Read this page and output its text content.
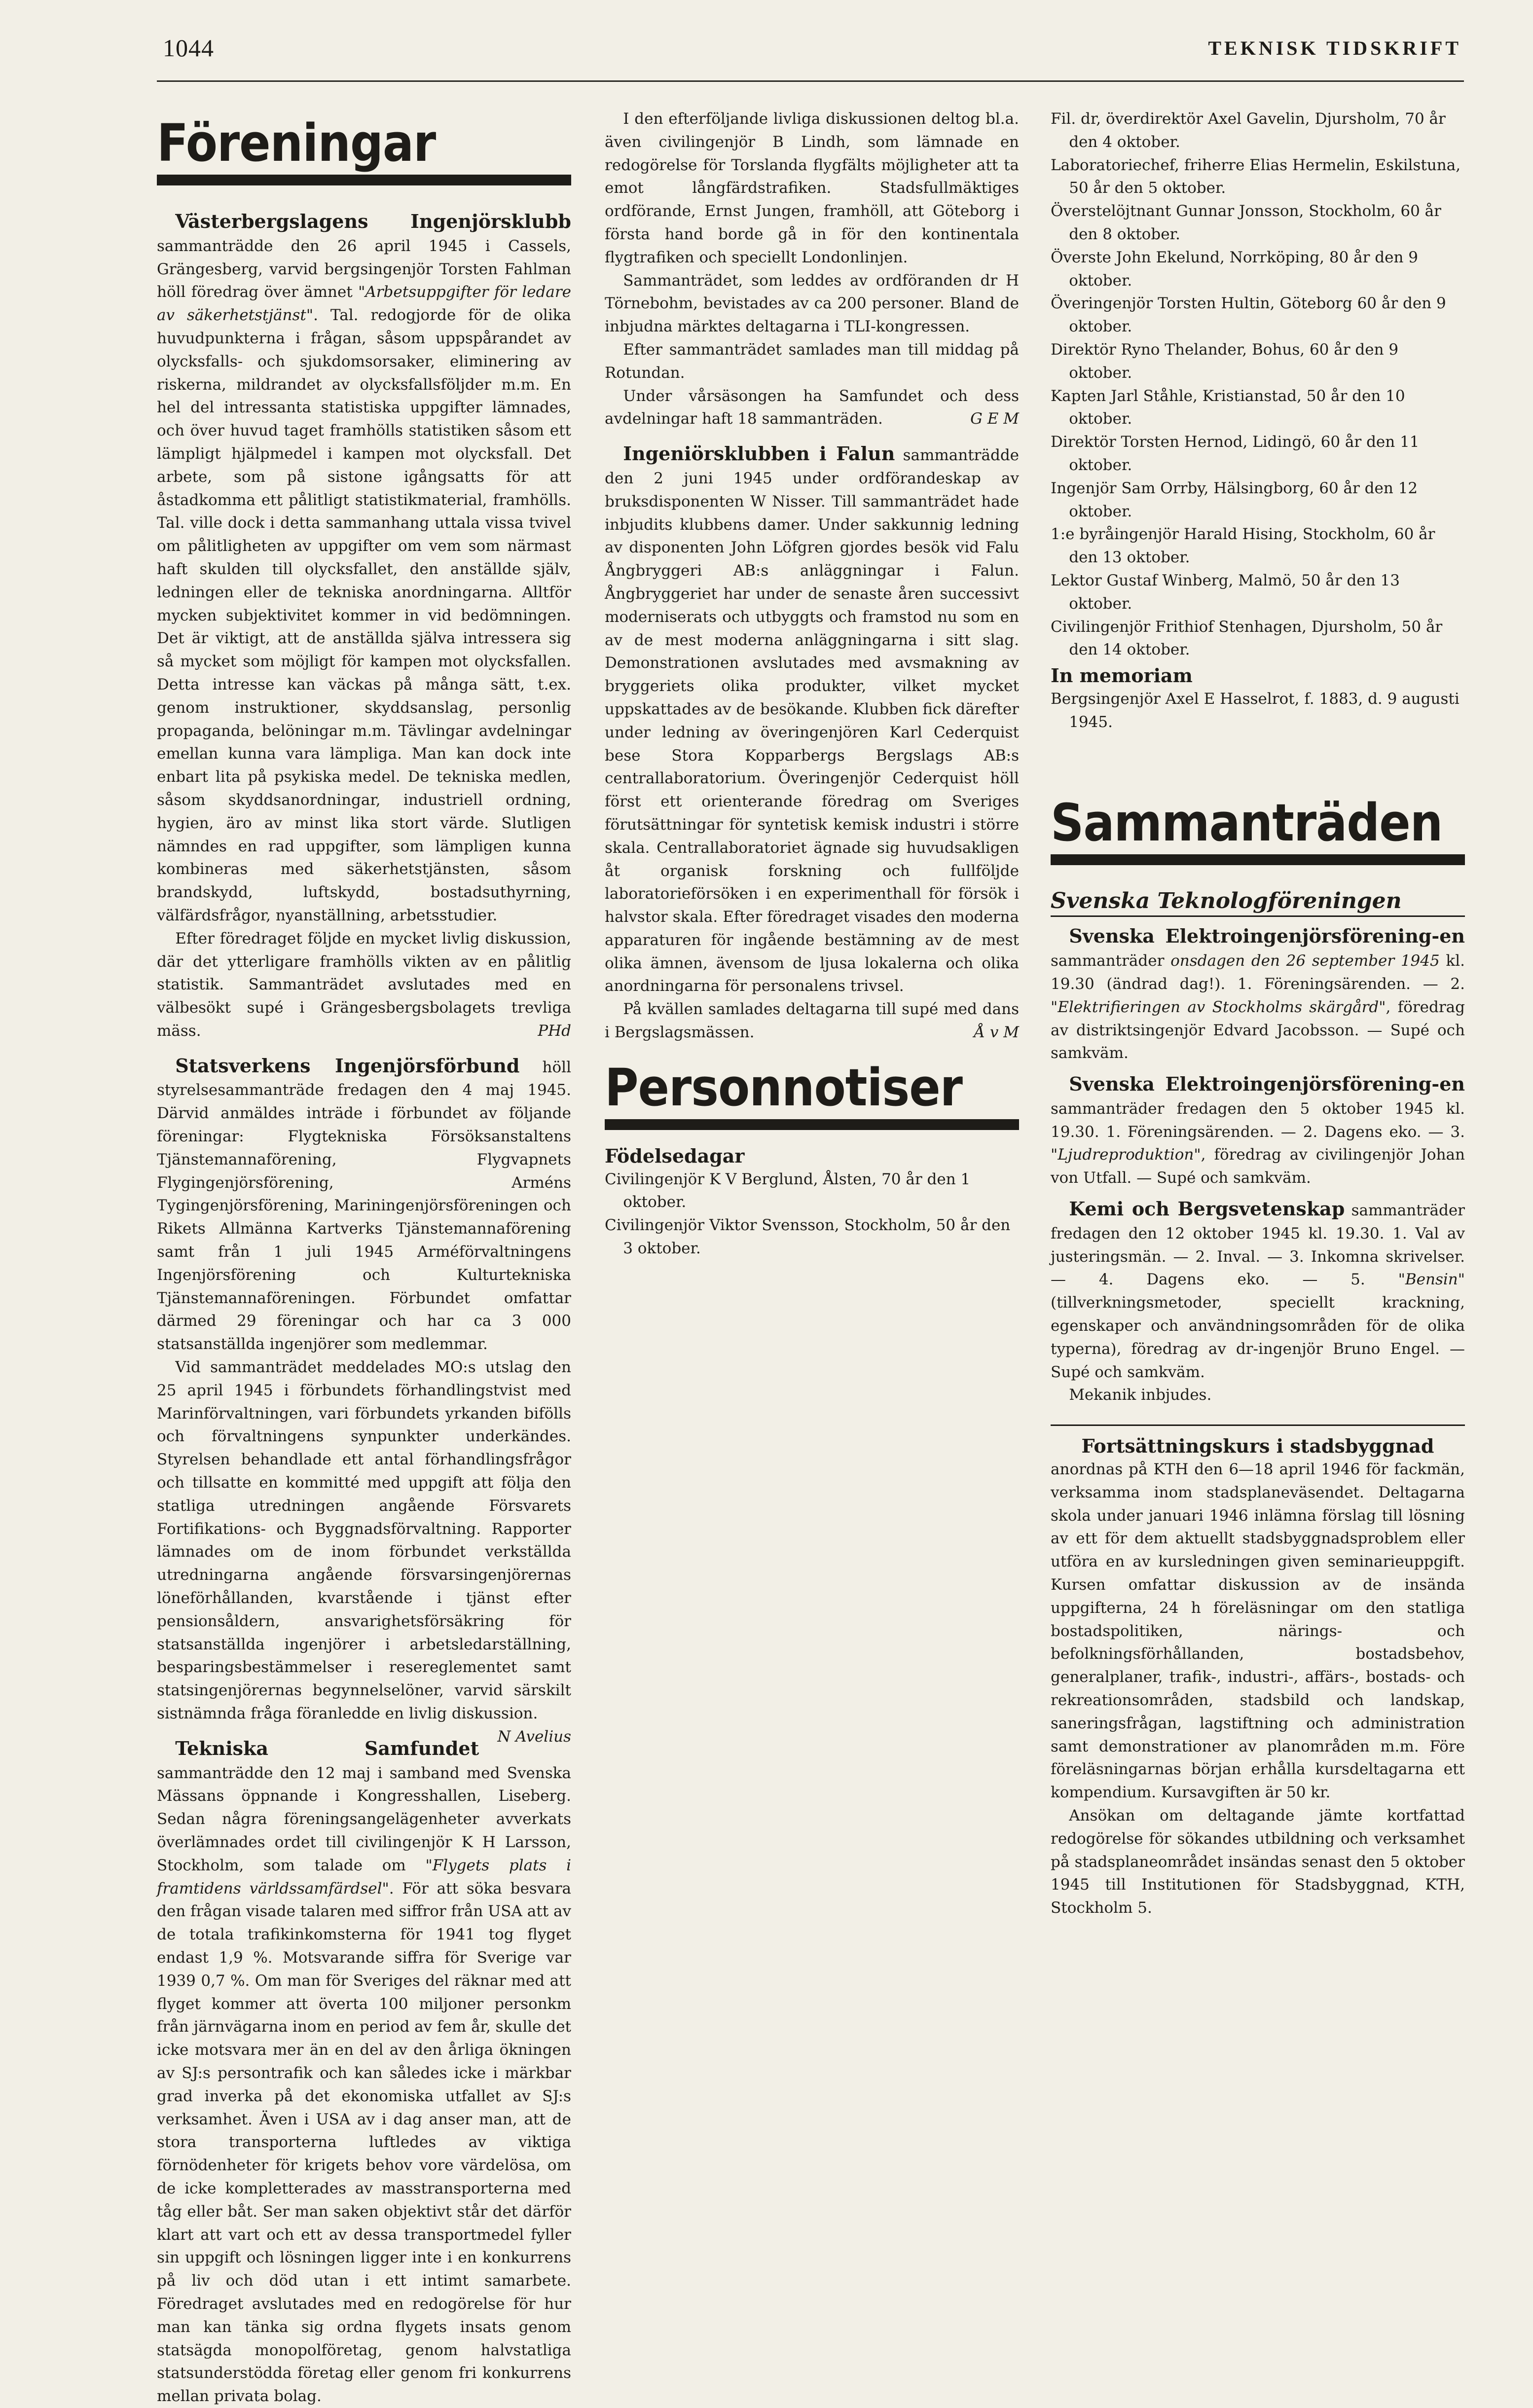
1044	TEKNISK TIDSKRIFT
Föreningar

Västerbergslagens Ingenjörsklubb sammanträdde den 26 april 1945 i Cassels, Grängesberg, varvid bergsingenjör Torsten Fahlman höll föredrag över ämnet "Arbetsuppgifter för ledare av säkerhetstjänst". Tal. redogjorde för de olika huvudpunkterna i frågan, såsom uppspårandet av olycksfalls- och sjukdomsorsaker, eliminering av riskerna, mildrandet av olycksfallsföljder m.m. En hel del intressanta statistiska uppgifter lämnades, och över huvud taget framhölls statistiken såsom ett lämpligt hjälpmedel i kampen mot olycksfall. Det arbete, som på sistone igångsatts för att åstadkomma ett pålitligt statistikmaterial, framhölls. Tal. ville dock i detta sammanhang uttala vissa tvivel om pålitligheten av uppgifter om vem som närmast haft skulden till olycksfallet, den anställde själv, ledningen eller de tekniska anordningarna. Alltför mycken subjektivitet kommer in vid bedömningen. Det är viktigt, att de anställda själva intressera sig så mycket som möjligt för kampen mot olycksfallen. Detta intresse kan väckas på många sätt, t.ex. genom instruktioner, skyddsanslag, personlig propaganda, belöningar m.m. Tävlingar avdelningar emellan kunna vara lämpliga. Man kan dock inte enbart lita på psykiska medel. De tekniska medlen, såsom skyddsanordningar, industriell ordning, hygien, äro av minst lika stort värde. Slutligen nämndes en rad uppgifter, som lämpligen kunna kombineras med säkerhetstjänsten, såsom brandskydd, luftskydd, bostadsuthyrning, välfärdsfrågor, nyanställning, arbetsstudier.

Efter föredraget följde en mycket livlig diskussion, där det ytterligare framhölls vikten av en pålitlig statistik. Sammanträdet avslutades med en välbesökt supé i Grängesbergsbolagets trevliga mäss.	PHd

Statsverkens Ingenjörsförbund höll styrelsesammanträde fredagen den 4 maj 1945. Därvid anmäldes inträde i förbundet av följande föreningar: Flygtekniska Försöksanstaltens Tjänstemannaförening, Flygvapnets Flygingenjörsförening, Arméns Tygingenjörsförening, Mariningenjörsföreningen och Rikets Allmänna Kartverks Tjänstemannaförening samt från 1 juli 1945 Arméförvaltningens Ingenjörsförening och Kulturtekniska Tjänstemannaföreningen. Förbundet omfattar därmed 29 föreningar och har ca 3 000 statsanställda ingenjörer som medlemmar.

Vid sammanträdet meddelades MO:s utslag den 25 april 1945 i förbundets förhandlingstvist med Marinförvaltningen, vari förbundets yrkanden bifölls och förvaltningens synpunkter underkändes. Styrelsen behandlade ett antal förhandlingsfrågor och tillsatte en kommitté med uppgift att följa den statliga utredningen angående Försvarets Fortifikations- och Byggnadsförvaltning. Rapporter lämnades om de inom förbundet verkställda utredningarna angående försvarsingenjörernas löneförhållanden, kvarstående i tjänst efter pensionsåldern, ansvarighetsförsäkring för statsanställda ingenjörer i arbetsledarställning, besparingsbestämmelser i resereglementet samt statsingenjörernas begynnelselöner, varvid särskilt sistnämnda fråga föranledde en livlig diskussion.
N Avelius

Tekniska Samfundet sammanträdde den 12 maj i samband med Svenska Mässans öppnande i Kongresshallen, Liseberg. Sedan några föreningsangelägenheter avverkats överlämnades ordet till civilingenjör K H Larsson, Stockholm, som talade om "Flygets plats i framtidens världssamfärdsel". För att söka besvara den frågan visade talaren med siffror från USA att av de totala trafikinkomsterna för 1941 tog flyget endast 1,9 %. Motsvarande siffra för Sverige var 1939 0,7 %. Om man för Sveriges del räknar med att flyget kommer att överta 100 miljoner personkm från järnvägarna inom en period av fem år, skulle det icke motsvara mer än en del av den årliga ökningen av SJ:s persontrafik och kan således icke i märkbar grad inverka på det ekonomiska utfallet av SJ:s verksamhet. Även i USA av i dag anser man, att de stora transporterna luftledes av viktiga förnödenheter för krigets behov vore värdelösa, om de icke kompletterades av masstransporterna med tåg eller båt. Ser man saken objektivt står det därför klart att vart och ett av dessa transportmedel fyller sin uppgift och lösningen ligger inte i en konkurrens på liv och död utan i ett intimt samarbete. Föredraget avslutades med en redogörelse för hur man kan tänka sig ordna flygets insats genom statsägda monopolföretag, genom halvstatliga statsunderstödda företag eller genom fri konkurrens mellan privata bolag.

I den efterföljande livliga diskussionen deltog bl.a. även civilingenjör B Lindh, som lämnade en redogörelse för Torslanda flygfälts möjligheter att ta emot långfärdstrafiken. Stadsfullmäktiges ordförande, Ernst Jungen, framhöll, att Göteborg i första hand borde gå in för den kontinentala flygtrafiken och speciellt Londonlinjen.

Sammanträdet, som leddes av ordföranden dr H Törnebohm, bevistades av ca 200 personer. Bland de inbjudna märktes deltagarna i TLI-kongressen.

Efter sammanträdet samlades man till middag på Rotundan.

Under vårsäsongen ha Samfundet och dess avdelningar haft 18 sammanträden.	G E M

Ingeniörsklubben i Falun sammanträdde den 2 juni 1945 under ordförandeskap av bruksdisponenten W Nisser. Till sammanträdet hade inbjudits klubbens damer. Under sakkunnig ledning av disponenten John Löfgren gjordes besök vid Falu Ångbryggeri AB:s anläggningar i Falun. Ångbryggeriet har under de senaste åren successivt moderniserats och utbyggts och framstod nu som en av de mest moderna anläggningarna i sitt slag. Demonstrationen avslutades med avsmakning av bryggeriets olika produkter, vilket mycket uppskattades av de besökande. Klubben fick därefter under ledning av överingenjören Karl Cederquist bese Stora Kopparbergs Bergslags AB:s centrallaboratorium. Överingenjör Cederquist höll först ett orienterande föredrag om Sveriges förutsättningar för syntetisk kemisk industri i större skala. Centrallaboratoriet ägnade sig huvudsakligen åt organisk forskning och fullföljde laboratorieförsöken i en experimenthall för försök i halvstor skala. Efter föredraget visades den moderna apparaturen för ingående bestämning av de mest olika ämnen, ävensom de ljusa lokalerna och olika anordningarna för personalens trivsel.

På kvällen samlades deltagarna till supé med dans i Bergslagsmässen.	Å v M

Personnotiser

Födelsedagar

Civilingenjör K V Berglund, Ålsten, 70 år den 1 oktober.

Civilingenjör Viktor Svensson, Stockholm, 50 år den 3 oktober.

Fil. dr, överdirektör Axel Gavelin, Djursholm, 70 år den 4 oktober.

Laboratoriechef, friherre Elias Hermelin, Eskilstuna, 50 år den 5 oktober.

Överstelöjtnant Gunnar Jonsson, Stockholm, 60 år den 8 oktober.

Överste John Ekelund, Norrköping, 80 år den 9 oktober.

Överingenjör Torsten Hultin, Göteborg 60 år den 9 oktober.

Direktör Ryno Thelander, Bohus, 60 år den 9 oktober.

Kapten Jarl Ståhle, Kristianstad, 50 år den 10 oktober.

Direktör Torsten Hernod, Lidingö, 60 år den 11 oktober.

Ingenjör Sam Orrby, Hälsingborg, 60 år den 12 oktober.

1:e byråingenjör Harald Hising, Stockholm, 60 år den 13 oktober.

Lektor Gustaf Winberg, Malmö, 50 år den 13 oktober.

Civilingenjör Frithiof Stenhagen, Djursholm, 50 år den 14 oktober.

In memoriam

Bergsingenjör Axel E Hasselrot, f. 1883, d. 9 augusti 1945.

Sammanträden

Svenska Teknologföreningen

Svenska Elektroingenjörsförening-en sammanträder onsdagen den 26 september 1945 kl. 19.30 (ändrad dag!). 1. Föreningsärenden. — 2. "Elektrifieringen av Stockholms skärgård", föredrag av distriktsingenjör Edvard Jacobsson. — Supé och samkväm.

Svenska Elektroingenjörsförening-en sammanträder fredagen den 5 oktober 1945 kl. 19.30. 1. Föreningsärenden. — 2. Dagens eko. — 3. "Ljudreproduktion", föredrag av civilingenjör Johan von Utfall. — Supé och samkväm.

Kemi och Bergsvetenskap sammanträder fredagen den 12 oktober 1945 kl. 19.30. 1. Val av justeringsmän. — 2. Inval. — 3. Inkomna skrivelser. — 4. Dagens eko. — 5. "Bensin" (tillverkningsmetoder, speciellt krackning, egenskaper och användningsområden för de olika typerna), föredrag av dr-ingenjör Bruno Engel. — Supé och samkväm.

Mekanik inbjudes.

Fortsättningskurs i stadsbyggnad

anordnas på KTH den 6—18 april 1946 för fackmän, verksamma inom stadsplaneväsendet. Deltagarna skola under januari 1946 inlämna förslag till lösning av ett för dem aktuellt stadsbyggnadsproblem eller utföra en av kursledningen given seminarieuppgift. Kursen omfattar diskussion av de insända uppgifterna, 24 h föreläsningar om den statliga bostadspolitiken, närings- och befolkningsförhållanden, bostadsbehov, generalplaner, trafik-, industri-, affärs-, bostads- och rekreationsområden, stadsbild och landskap, saneringsfrågan, lagstiftning och administration samt demonstrationer av planområden m.m. Före föreläsningarnas början erhålla kursdeltagarna ett kompendium. Kursavgiften är 50 kr.

Ansökan om deltagande jämte kortfattad redogörelse för sökandes utbildning och verksamhet på stadsplaneområdet insändas senast den 5 oktober 1945 till Institutionen för Stadsbyggnad, KTH, Stockholm 5.
